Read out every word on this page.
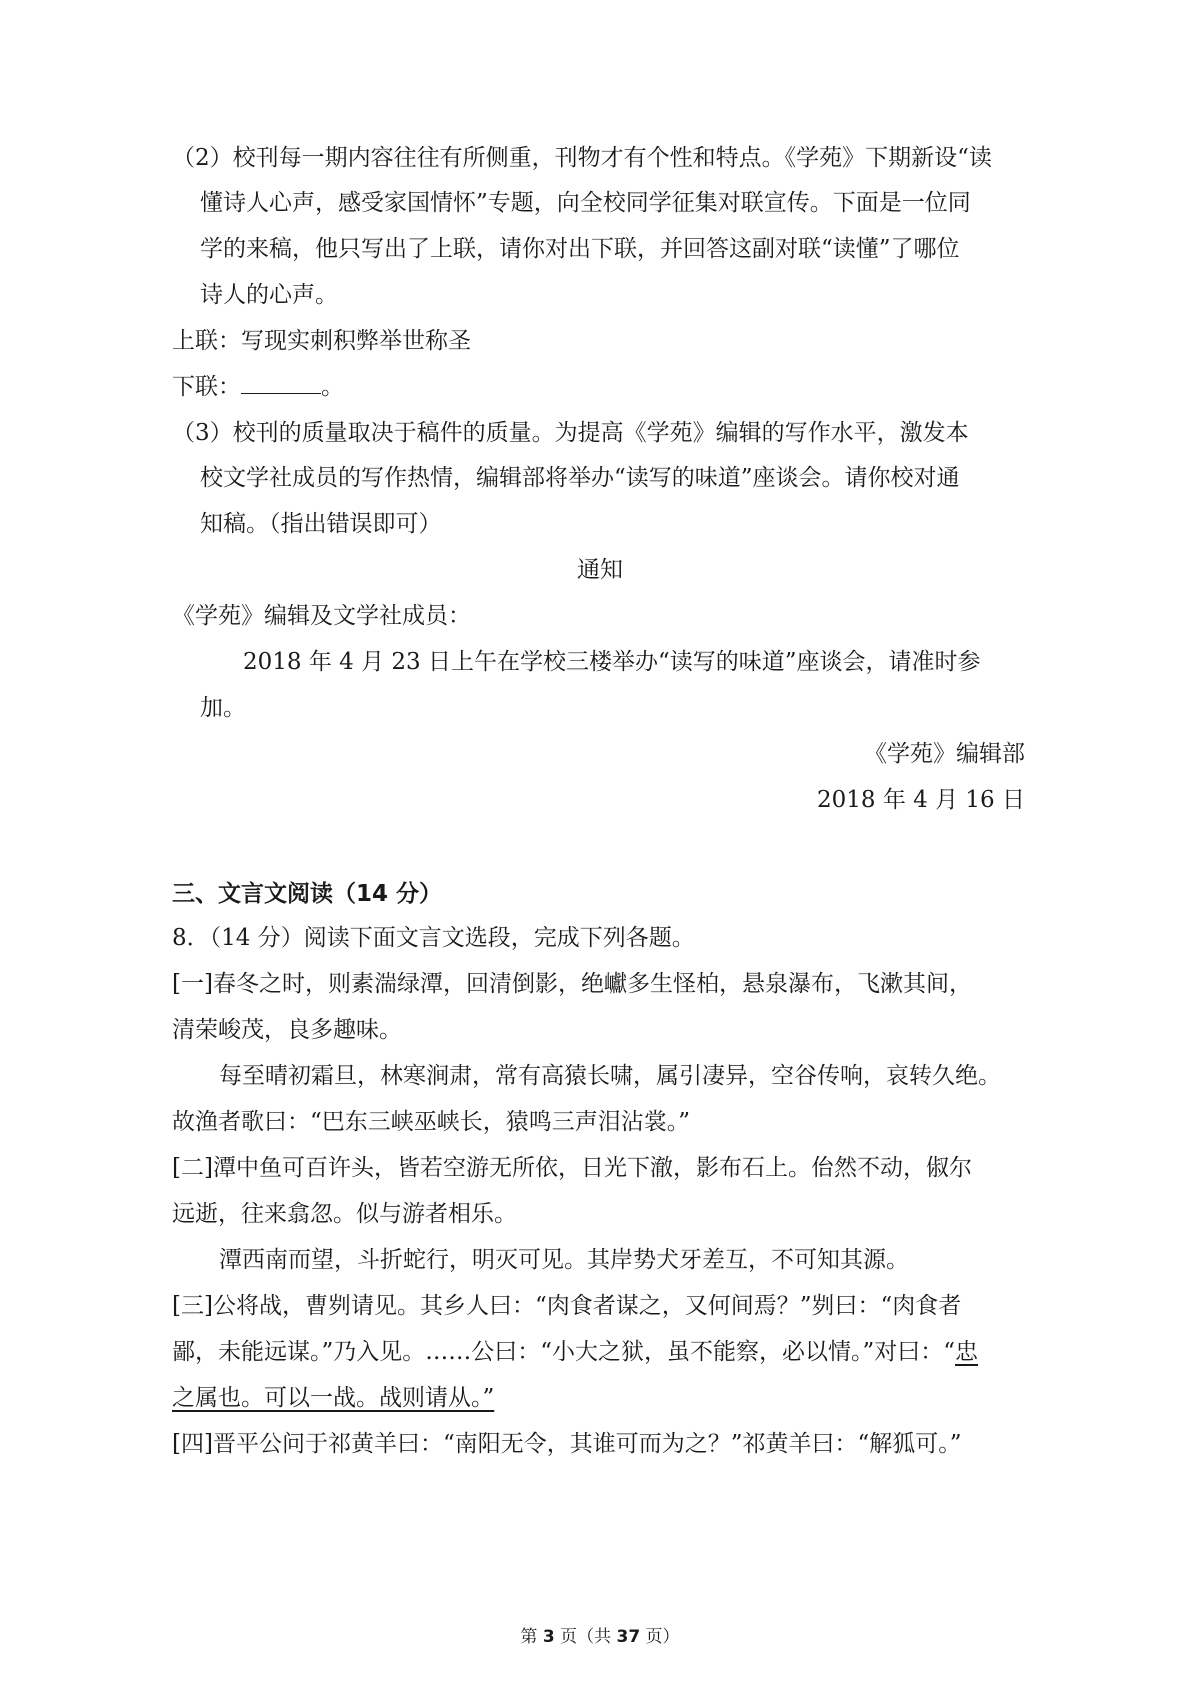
（2）校刊每一期内容往往有所侧重，刊物才有个性和特点。《学苑》下期新设“读
懂诗人心声，感受家国情怀”专题，向全校同学征集对联宣传。下面是一位同
学的来稿，他只写出了上联，请你对出下联，并回答这副对联“读懂”了哪位
诗人的心声。
上联：写现实刺积弊举世称圣
下联：	。
（3）校刊的质量取决于稿件的质量。为提高《学苑》编辑的写作水平，激发本
校文学社成员的写作热情，编辑部将举办“读写的味道”座谈会。请你校对通
知稿。（指出错误即可）
通知
《学苑》编辑及文学社成员：
2018 年 4 月 23 日上午在学校三楼举办“读写的味道”座谈会，请准时参
加。
《学苑》编辑部
2018 年 4 月 16 日
三、文言文阅读（14 分）
8．（14 分）阅读下面文言文选段，完成下列各题。
[一]春冬之时，则素湍绿潭，回清倒影，绝巘多生怪柏，悬泉瀑布，飞漱其间，
清荣峻茂，良多趣味。
每至晴初霜旦，林寒涧肃，常有高猿长啸，属引凄异，空谷传响，哀转久绝。
故渔者歌曰：“巴东三峡巫峡长，猿鸣三声泪沾裳。”
[二]潭中鱼可百许头，皆若空游无所依，日光下澈，影布石上。佁然不动，俶尔
远逝，往来翕忽。似与游者相乐。
潭西南而望，斗折蛇行，明灭可见。其岸势犬牙差互，不可知其源。
[三]公将战，曹刿请见。其乡人曰：“肉食者谋之，又何间焉？”刿曰：“肉食者
鄙，未能远谋。”乃入见。……公曰：“小大之狱，虽不能察，必以情。”对曰：“忠
之属也。可以一战。战则请从。”
[四]晋平公问于祁黄羊曰：“南阳无令，其谁可而为之？”祁黄羊曰：“解狐可。”
第 3 页（共 37 页）
